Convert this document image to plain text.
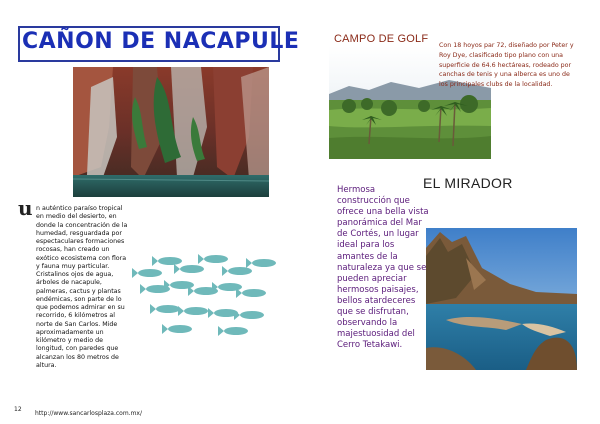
CAÑON DE NACAPULE
u n auténtico paraíso tropical en medio del desierto, en donde la concentración de la humedad, resguardada por espectaculares formaciones rocosas, han creado un exótico ecosistema con flora y fauna muy particular. Cristalinos ojos de agua, árboles de nacapule, palmeras, cactus y plantas endémicas, son parte de lo que podemos admirar en su recorrido, 6 kilómetros al norte de San Carlos. Mide aproximadamente un kilómetro y medio de longitud, con paredes que alcanzan los 80 metros de altura.
12
http://www.sancarlosplaza.com.mx/
CAMPO DE GOLF
Con 18 hoyos par 72, diseñado por Peter y Roy Dye, clasificado tipo plano con una superficie de 64.6 hectáreas, rodeado por canchas de tenis y una alberca es uno de los principales clubs de la localidad.
EL MIRADOR
Hermosa construcción que ofrece una bella vista panorámica del Mar de Cortés, un lugar ideal para los amantes de la naturaleza ya que se pueden apreciar hermosos paisajes, bellos atardeceres que se disfrutan, observando la majestuosidad del Cerro Tetakawi.
